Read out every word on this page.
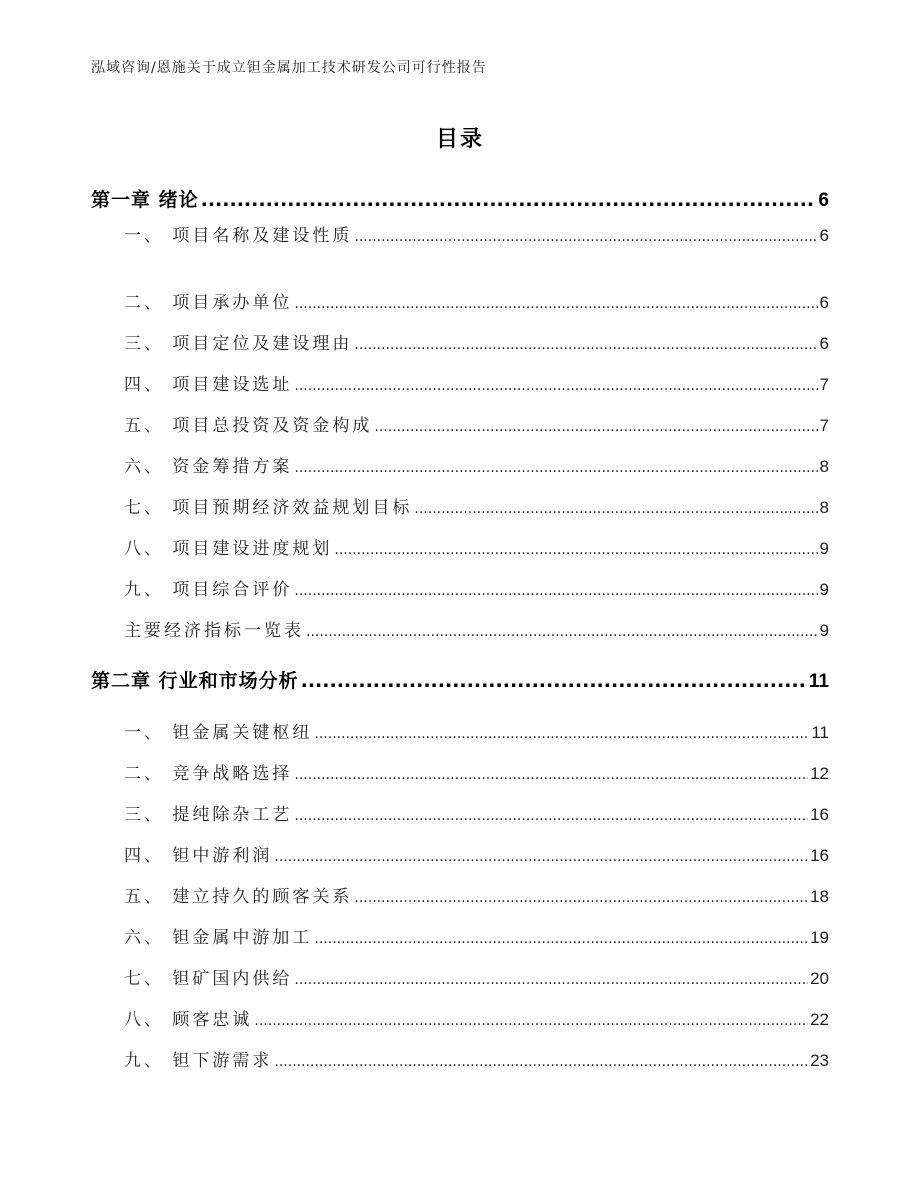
泓域咨询/恩施关于成立钽金属加工技术研发公司可行性报告
目录
第一章 绪论 .....	6
一、 项目名称及建设性质 .....	6
二、 项目承办单位 .....	6
三、 项目定位及建设理由 .....	6
四、 项目建设选址 .....	7
五、 项目总投资及资金构成 .....	7
六、 资金筹措方案 .....	8
七、 项目预期经济效益规划目标 .....	8
八、 项目建设进度规划 .....	9
九、 项目综合评价 .....	9
主要经济指标一览表 .....	9
第二章 行业和市场分析 .....	11
一、 钽金属关键枢纽 .....	11
二、 竞争战略选择 .....	12
三、 提纯除杂工艺 .....	16
四、 钽中游利润 .....	16
五、 建立持久的顾客关系 .....	18
六、 钽金属中游加工 .....	19
七、 钽矿国内供给 .....	20
八、 顾客忠诚 .....	22
九、 钽下游需求 .....	23
